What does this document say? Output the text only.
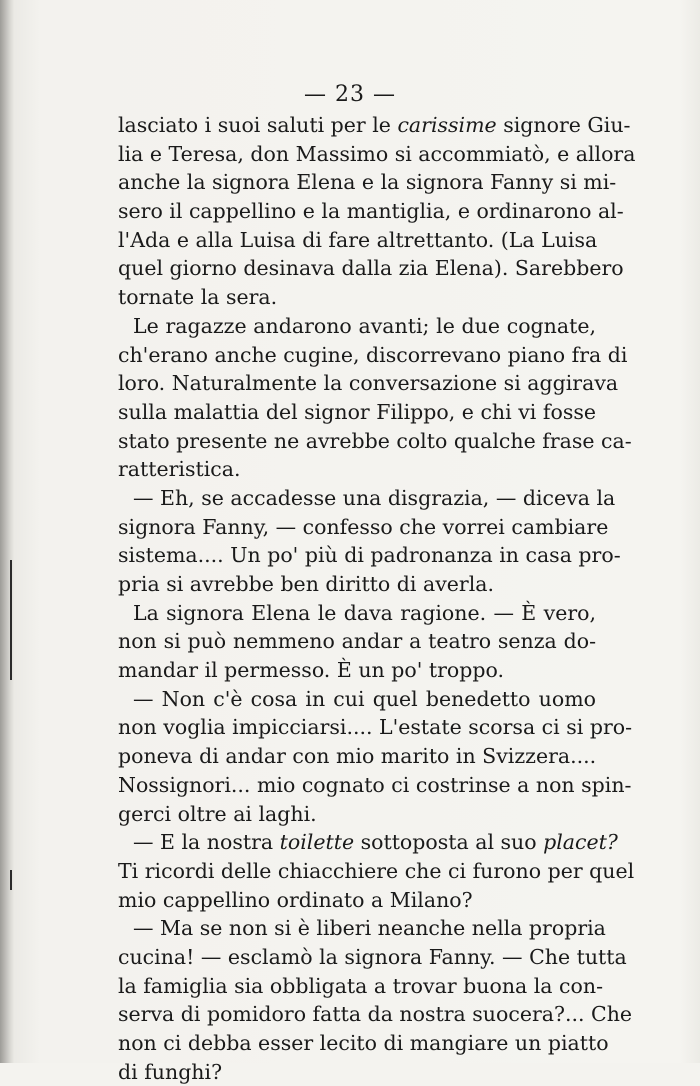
— 23 —
lasciato i suoi saluti per le carissime signore Giu-
lia e Teresa, don Massimo si accommiatò, e allora
anche la signora Elena e la signora Fanny si mi-
sero il cappellino e la mantiglia, e ordinarono al-
l'Ada e alla Luisa di fare altrettanto. (La Luisa
quel giorno desinava dalla zia Elena). Sarebbero
tornate la sera.
Le ragazze andarono avanti; le due cognate,
ch'erano anche cugine, discorrevano piano fra di
loro. Naturalmente la conversazione si aggirava
sulla malattia del signor Filippo, e chi vi fosse
stato presente ne avrebbe colto qualche frase ca-
ratteristica.
— Eh, se accadesse una disgrazia, — diceva la
signora Fanny, — confesso che vorrei cambiare
sistema.... Un po' più di padronanza in casa pro-
pria si avrebbe ben diritto di averla.
La signora Elena le dava ragione. — È vero,
non si può nemmeno andar a teatro senza do-
mandar il permesso. È un po' troppo.
— Non c'è cosa in cui quel benedetto uomo
non voglia impicciarsi.... L'estate scorsa ci si pro-
poneva di andar con mio marito in Svizzera....
Nossignori... mio cognato ci costrinse a non spin-
gerci oltre ai laghi.
— E la nostra toilette sottoposta al suo placet?
Ti ricordi delle chiacchiere che ci furono per quel
mio cappellino ordinato a Milano?
— Ma se non si è liberi neanche nella propria
cucina! — esclamò la signora Fanny. — Che tutta
la famiglia sia obbligata a trovar buona la con-
serva di pomidoro fatta da nostra suocera?... Che
non ci debba esser lecito di mangiare un piatto
di funghi?
